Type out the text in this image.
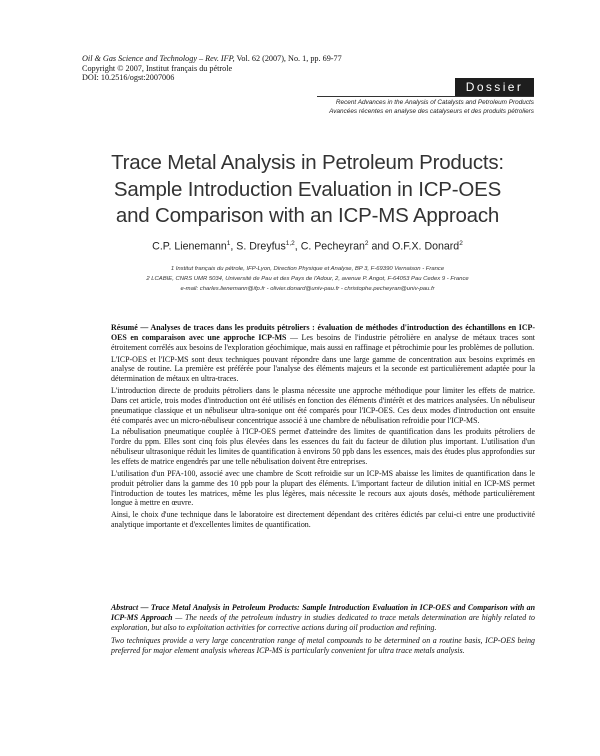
Oil & Gas Science and Technology – Rev. IFP, Vol. 62 (2007), No. 1, pp. 69-77
Copyright © 2007, Institut français du pétrole
DOI: 10.2516/ogst:2007006
Dossier
Recent Advances in the Analysis of Catalysts and Petroleum Products
Avancées récentes en analyse des catalyseurs et des produits pétroliers
Trace Metal Analysis in Petroleum Products:
Sample Introduction Evaluation in ICP-OES
and Comparison with an ICP-MS Approach
C.P. Lienemann$^1$, S. Dreyfus$^{1,2}$, C. Pecheyran$^2$ and O.F.X. Donard$^2$
1 Institut français du pétrole, IFP-Lyon, Direction Physique et Analyse, BP 3, F-69390 Vernaison - France
2 LCABIE, CNRS UMR 5034, Université de Pau et des Pays de l'Adour, 2, avenue P. Angot, F-64053 Pau Cedex 9 - France
e-mail: charles.lienemann@ifp.fr - olivier.donard@univ-pau.fr - christophe.pecheyran@univ-pau.fr

Résumé — Analyses de traces dans les produits pétroliers : évaluation de méthodes d'introduction des échantillons en ICP-OES en comparaison avec une approche ICP-MS — Les besoins de l'industrie pétrolière en analyse de métaux traces sont étroitement corrélés aux besoins de l'exploration géochimique, mais aussi en raffinage et pétrochimie pour les problèmes de pollution.

L'ICP-OES et l'ICP-MS sont deux techniques pouvant répondre dans une large gamme de concentration aux besoins exprimés en analyse de routine. La première est préférée pour l'analyse des éléments majeurs et la seconde est particulièrement adaptée pour la détermination de métaux en ultra-traces.

L'introduction directe de produits pétroliers dans le plasma nécessite une approche méthodique pour limiter les effets de matrice. Dans cet article, trois modes d'introduction ont été utilisés en fonction des éléments d'intérêt et des matrices analysées. Un nébuliseur pneumatique classique et un nébuliseur ultra-sonique ont été comparés pour l'ICP-OES. Ces deux modes d'introduction ont ensuite été comparés avec un micro-nébuliseur concentrique associé à une chambre de nébulisation refroidie pour l'ICP-MS.

La nébulisation pneumatique couplée à l'ICP-OES permet d'atteindre des limites de quantification dans les produits pétroliers de l'ordre du ppm. Elles sont cinq fois plus élevées dans les essences du fait du facteur de dilution plus important. L'utilisation d'un nébuliseur ultrasonique réduit les limites de quantification à environs 50 ppb dans les essences, mais des études plus approfondies sur les effets de matrice engendrés par une telle nébulisation doivent être entreprises.

L'utilisation d'un PFA-100, associé avec une chambre de Scott refroidie sur un ICP-MS abaisse les limites de quantification dans le produit pétrolier dans la gamme des 10 ppb pour la plupart des éléments. L'important facteur de dilution initial en ICP-MS permet l'introduction de toutes les matrices, même les plus légères, mais nécessite le recours aux ajouts dosés, méthode particulièrement longue à mettre en œuvre.

Ainsi, le choix d'une technique dans le laboratoire est directement dépendant des critères édictés par celui-ci entre une productivité analytique importante et d'excellentes limites de quantification.

Abstract — Trace Metal Analysis in Petroleum Products: Sample Introduction Evaluation in ICP-OES and Comparison with an ICP-MS Approach — The needs of the petroleum industry in studies dedicated to trace metals determination are highly related to exploration, but also to exploitation activities for corrective actions during oil production and refining.

Two techniques provide a very large concentration range of metal compounds to be determined on a routine basis, ICP-OES being preferred for major element analysis whereas ICP-MS is particularly convenient for ultra trace metals analysis.
